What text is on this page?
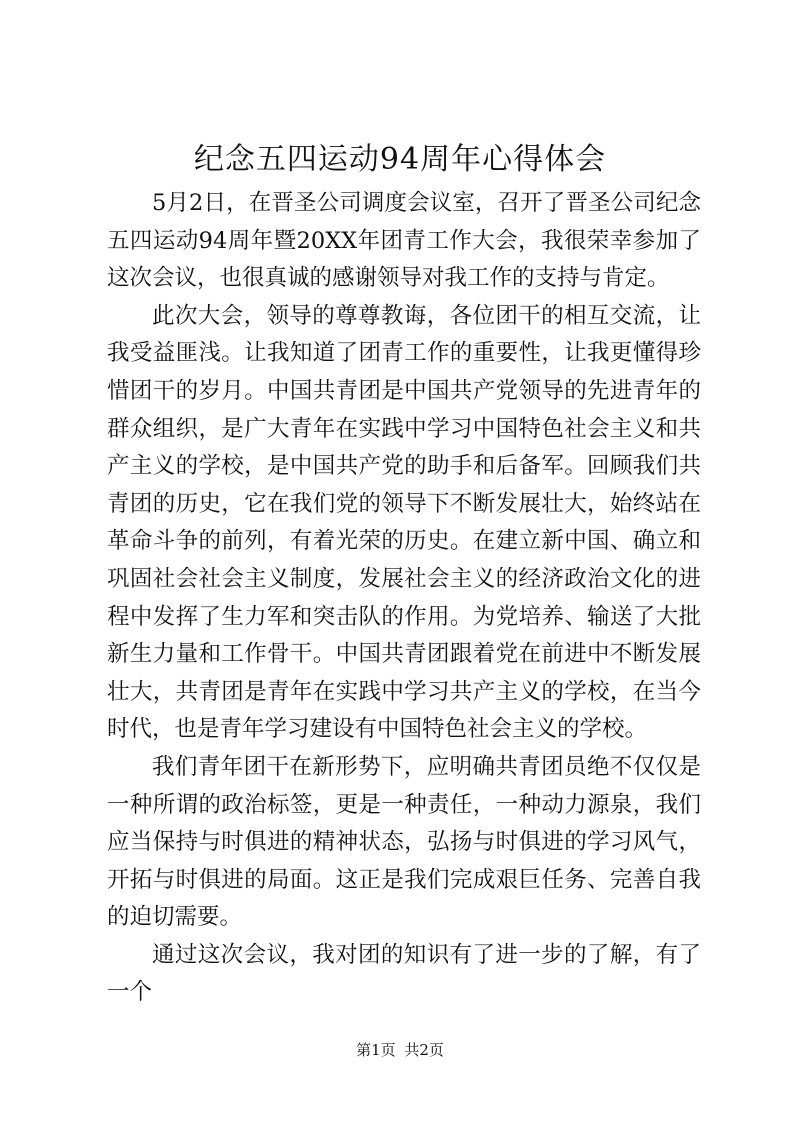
纪念五四运动94周年心得体会

5月2日，在晋圣公司调度会议室，召开了晋圣公司纪念五四运动94周年暨20XX年团青工作大会，我很荣幸参加了这次会议，也很真诚的感谢领导对我工作的支持与肯定。

此次大会，领导的尊尊教诲，各位团干的相互交流，让我受益匪浅。让我知道了团青工作的重要性，让我更懂得珍惜团干的岁月。中国共青团是中国共产党领导的先进青年的群众组织，是广大青年在实践中学习中国特色社会主义和共产主义的学校，是中国共产党的助手和后备军。回顾我们共青团的历史，它在我们党的领导下不断发展壮大，始终站在革命斗争的前列，有着光荣的历史。在建立新中国、确立和巩固社会社会主义制度，发展社会主义的经济政治文化的进程中发挥了生力军和突击队的作用。为党培养、输送了大批新生力量和工作骨干。中国共青团跟着党在前进中不断发展壮大，共青团是青年在实践中学习共产主义的学校，在当今时代，也是青年学习建设有中国特色社会主义的学校。

我们青年团干在新形势下，应明确共青团员绝不仅仅是一种所谓的政治标签，更是一种责任，一种动力源泉，我们应当保持与时俱进的精神状态，弘扬与时俱进的学习风气，开拓与时俱进的局面。这正是我们完成艰巨任务、完善自我的迫切需要。

通过这次会议，我对团的知识有了进一步的了解，有了一个

第1页 共2页
